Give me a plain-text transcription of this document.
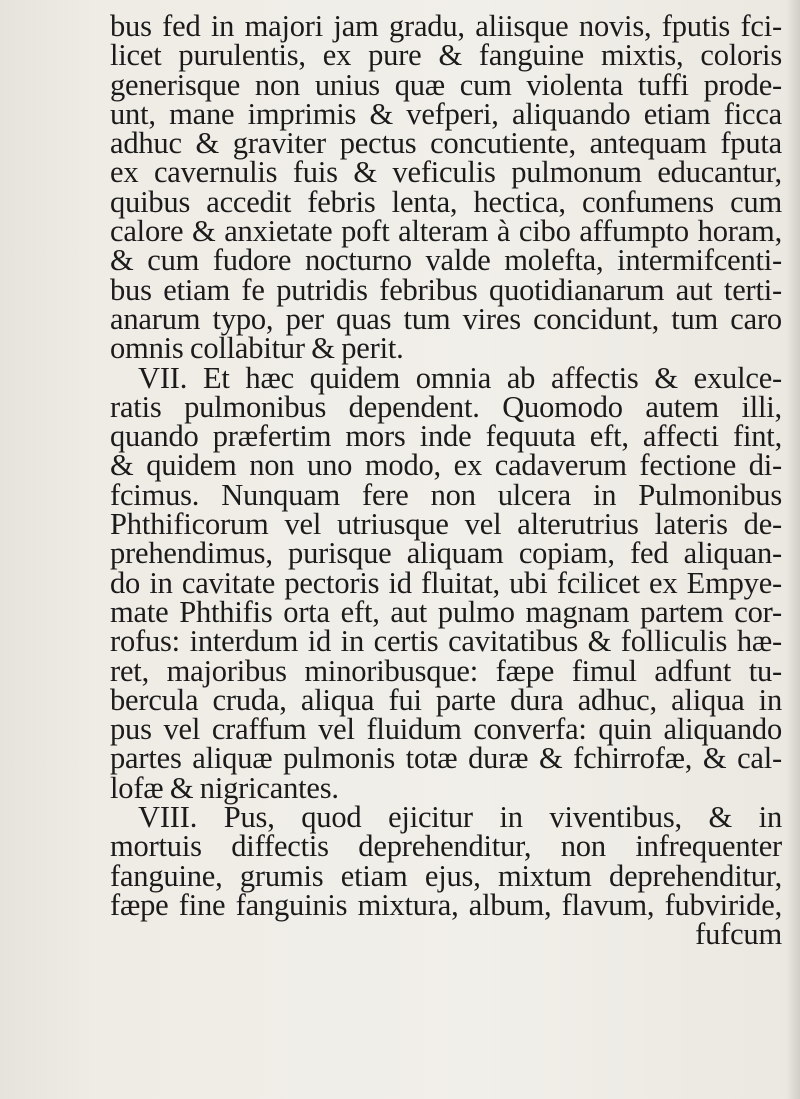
bus fed in majori jam gradu, aliisque novis, fputis fci-
licet purulentis, ex pure & fanguine mixtis, coloris
generisque non unius quæ cum violenta tuffi prode-
unt, mane imprimis & vefperi, aliquando etiam ficca
adhuc & graviter pectus concutiente, antequam fputa
ex cavernulis fuis & veficulis pulmonum educantur,
quibus accedit febris lenta, hectica, confumens cum
calore & anxietate poft alteram à cibo affumpto horam,
& cum fudore nocturno valde molefta, intermifcenti-
bus etiam fe putridis febribus quotidianarum aut terti-
anarum typo, per quas tum vires concidunt, tum caro
omnis collabitur & perit.
VII. Et hæc quidem omnia ab affectis & exulce-
ratis pulmonibus dependent. Quomodo autem illi,
quando præfertim mors inde fequuta eft, affecti fint,
& quidem non uno modo, ex cadaverum fectione di-
fcimus. Nunquam fere non ulcera in Pulmonibus
Phthificorum vel utriusque vel alterutrius lateris de-
prehendimus, purisque aliquam copiam, fed aliquan-
do in cavitate pectoris id fluitat, ubi fcilicet ex Empye-
mate Phthifis orta eft, aut pulmo magnam partem cor-
rofus: interdum id in certis cavitatibus & folliculis hæ-
ret, majoribus minoribusque: fæpe fimul adfunt tu-
bercula cruda, aliqua fui parte dura adhuc, aliqua in
pus vel craffum vel fluidum converfa: quin aliquando
partes aliquæ pulmonis totæ duræ & fchirrofæ, & cal-
lofæ & nigricantes.
VIII. Pus, quod ejicitur in viventibus, & in
mortuis diffectis deprehenditur, non infrequenter
fanguine, grumis etiam ejus, mixtum deprehenditur,
fæpe fine fanguinis mixtura, album, flavum, fubviride,
fufcum
